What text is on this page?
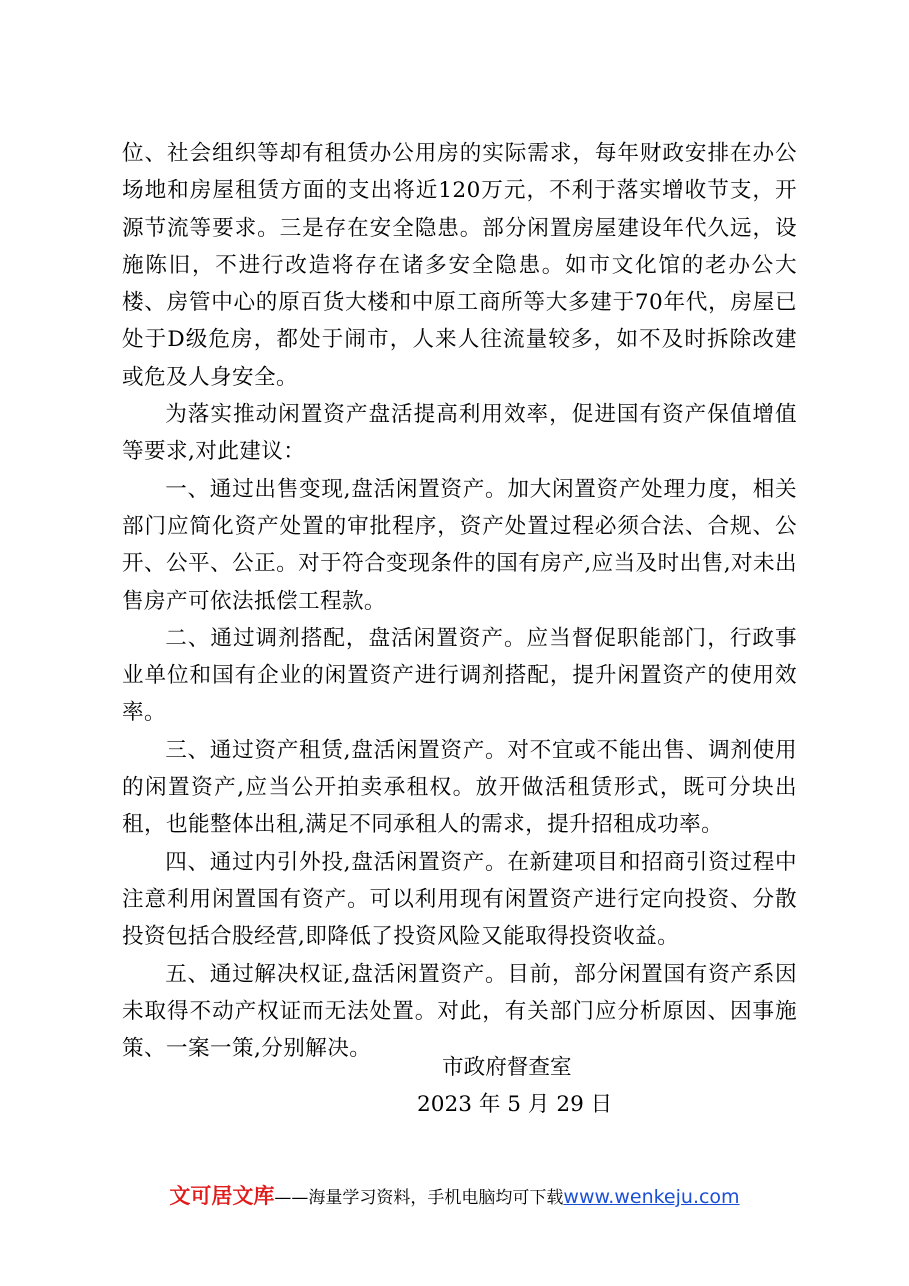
位、社会组织等却有租赁办公用房的实际需求，每年财政安排在办公场地和房屋租赁方面的支出将近120万元，不利于落实增收节支，开源节流等要求。三是存在安全隐患。部分闲置房屋建设年代久远，设施陈旧，不进行改造将存在诸多安全隐患。如市文化馆的老办公大楼、房管中心的原百货大楼和中原工商所等大多建于70年代，房屋已处于D级危房，都处于闹市，人来人往流量较多，如不及时拆除改建或危及人身安全。

为落实推动闲置资产盘活提高利用效率，促进国有资产保值增值等要求,对此建议：

一、通过出售变现,盘活闲置资产。加大闲置资产处理力度，相关部门应简化资产处置的审批程序，资产处置过程必须合法、合规、公开、公平、公正。对于符合变现条件的国有房产,应当及时出售,对未出售房产可依法抵偿工程款。

二、通过调剂搭配，盘活闲置资产。应当督促职能部门，行政事业单位和国有企业的闲置资产进行调剂搭配，提升闲置资产的使用效率。

三、通过资产租赁,盘活闲置资产。对不宜或不能出售、调剂使用的闲置资产,应当公开拍卖承租权。放开做活租赁形式，既可分块出租，也能整体出租,满足不同承租人的需求，提升招租成功率。

四、通过内引外投,盘活闲置资产。在新建项目和招商引资过程中注意利用闲置国有资产。可以利用现有闲置资产进行定向投资、分散投资包括合股经营,即降低了投资风险又能取得投资收益。

五、通过解决权证,盘活闲置资产。目前，部分闲置国有资产系因未取得不动产权证而无法处置。对此，有关部门应分析原因、因事施策、一案一策,分别解决。

市政府督查室
2023 年 5 月 29 日
文可居文库——海量学习资料，手机电脑均可下载www.wenkeju.com
